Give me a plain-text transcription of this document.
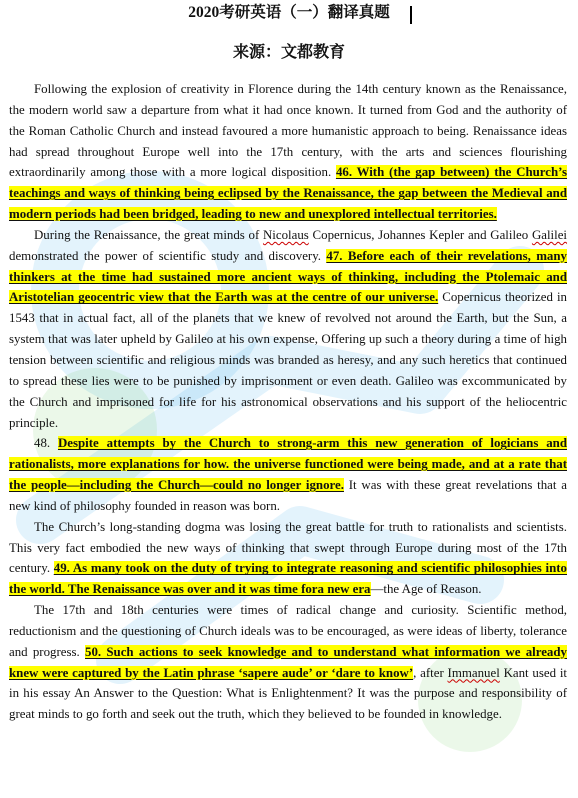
2020考研英语（一）翻译真题
来源：文都教育

Following the explosion of creativity in Florence during the 14th century known as the Renaissance, the modern world saw a departure from what it had once known. It turned from God and the authority of the Roman Catholic Church and instead favoured a more humanistic approach to being. Renaissance ideas had spread throughout Europe well into the 17th century, with the arts and sciences flourishing extraordinarily among those with a more logical disposition. 46. With (the gap between) the Church’s teachings and ways of thinking being eclipsed by the Renaissance, the gap between the Medieval and modern periods had been bridged, leading to new and unexplored intellectual territories.

During the Renaissance, the great minds of Nicolaus Copernicus, Johannes Kepler and Galileo Galilei demonstrated the power of scientific study and discovery. 47. Before each of their revelations, many thinkers at the time had sustained more ancient ways of thinking, including the Ptolemaic and Aristotelian geocentric view that the Earth was at the centre of our universe. Copernicus theorized in 1543 that in actual fact, all of the planets that we knew of revolved not around the Earth, but the Sun, a system that was later upheld by Galileo at his own expense, Offering up such a theory during a time of high tension between scientific and religious minds was branded as heresy, and any such heretics that continued to spread these lies were to be punished by imprisonment or even death. Galileo was excommunicated by the Church and imprisoned for life for his astronomical observations and his support of the heliocentric principle.

48. Despite attempts by the Church to strong-arm this new generation of logicians and rationalists, more explanations for how. the universe functioned were being made, and at a rate that the people—including the Church—could no longer ignore. It was with these great revelations that a new kind of philosophy founded in reason was born.

The Church’s long-standing dogma was losing the great battle for truth to rationalists and scientists. This very fact embodied the new ways of thinking that swept through Europe during most of the 17th century. 49. As many took on the duty of trying to integrate reasoning and scientific philosophies into the world. The Renaissance was over and it was time fora new era—the Age of Reason.

The 17th and 18th centuries were times of radical change and curiosity. Scientific method, reductionism and the questioning of Church ideals was to be encouraged, as were ideas of liberty, tolerance and progress. 50. Such actions to seek knowledge and to understand what information we already knew were captured by the Latin phrase ‘sapere aude’ or ‘dare to know’, after Immanuel Kant used it in his essay An Answer to the Question: What is Enlightenment? It was the purpose and responsibility of great minds to go forth and seek out the truth, which they believed to be founded in knowledge.
